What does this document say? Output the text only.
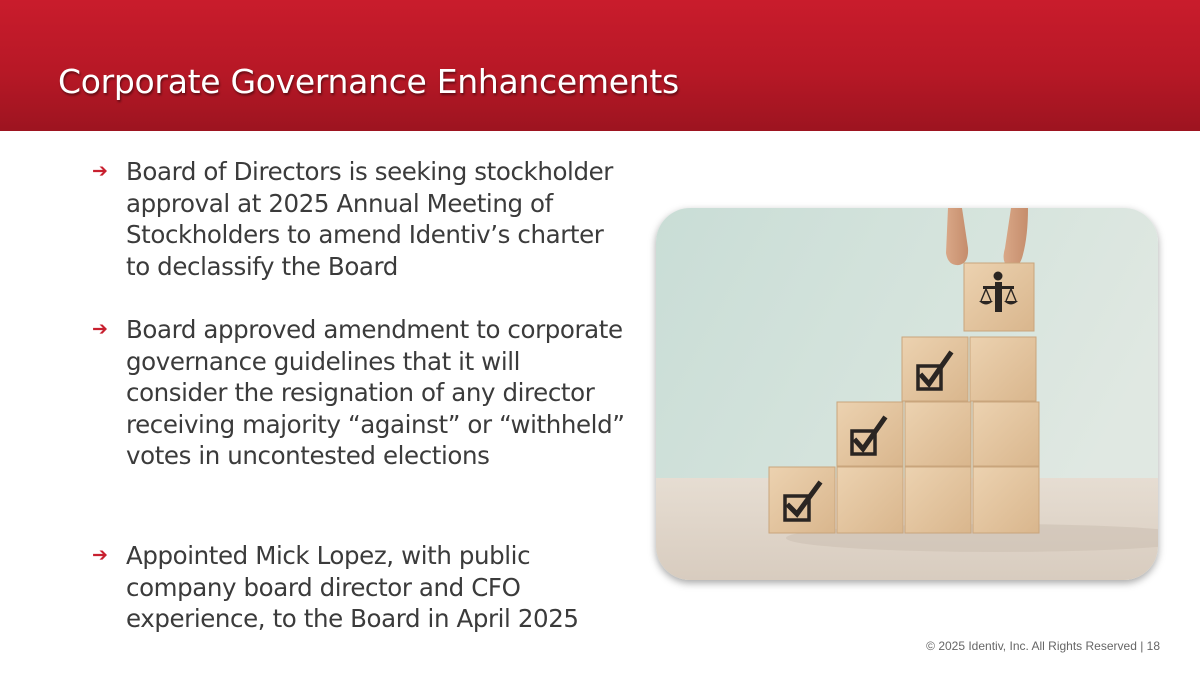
Corporate Governance Enhancements
➔ Board of Directors is seeking stockholder approval at 2025 Annual Meeting of Stockholders to amend Identiv’s charter to declassify the Board
➔ Board approved amendment to corporate governance guidelines that it will consider the resignation of any director receiving majority “against” or “withheld” votes in uncontested elections
➔ Appointed Mick Lopez, with public company board director and CFO experience, to the Board in April 2025
© 2025 Identiv, Inc. All Rights Reserved | 18
